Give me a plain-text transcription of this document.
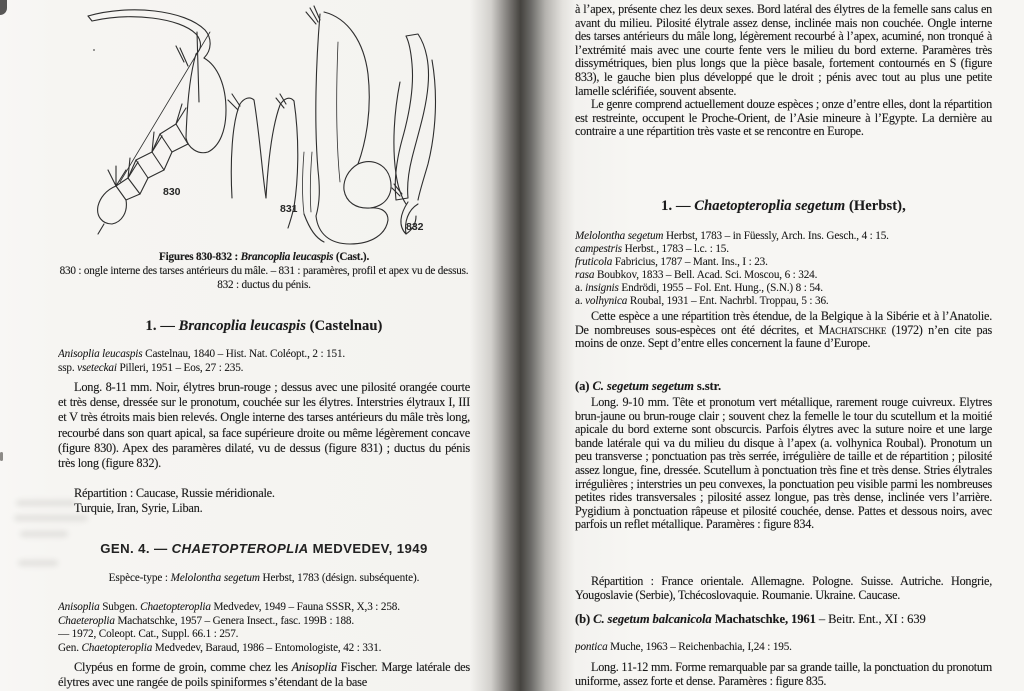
830
831
832
Figures 830-832 : Brancoplia leucaspis (Cast.).
830 : ongle interne des tarses antérieurs du mâle. – 831 : paramères, profil et apex vu de dessus.
832 : ductus du pénis.
1. — Brancoplia leucaspis (Castelnau)
Anisoplia leucaspis Castelnau, 1840 – Hist. Nat. Coléopt., 2 : 151.
ssp. vseteckai Pilleri, 1951 – Eos, 27 : 235.

Long. 8-11 mm. Noir, élytres brun-rouge ; dessus avec une pilosité orangée courte et très dense, dressée sur le pronotum, couchée sur les élytres. Interstries élytraux I, III et V très étroits mais bien relevés. Ongle interne des tarses antérieurs du mâle très long, recourbé dans son quart apical, sa face supérieure droite ou même légèrement concave (figure 830). Apex des paramères dilaté, vu de dessus (figure 831) ; ductus du pénis très long (figure 832).

Répartition : Caucase, Russie méridionale.
Turquie, Iran, Syrie, Liban.
GEN. 4. — CHAETOPTEROPLIA MEDVEDEV, 1949
Espèce-type : Melolontha segetum Herbst, 1783 (désign. subséquente).
Anisoplia Subgen. Chaetopteroplia Medvedev, 1949 – Fauna SSSR, X,3 : 258.
Chaeteroplia Machatschke, 1957 – Genera Insect., fasc. 199B : 188.
— 1972, Coleopt. Cat., Suppl. 66.1 : 257.
Gen. Chaetopteroplia Medvedev, Baraud, 1986 – Entomologiste, 42 : 331.

Clypéus en forme de groin, comme chez les Anisoplia Fischer. Marge latérale des élytres avec une rangée de poils spiniformes s’étendant de la base

à l’apex, présente chez les deux sexes. Bord latéral des élytres de la femelle sans calus en avant du milieu. Pilosité élytrale assez dense, inclinée mais non couchée. Ongle interne des tarses antérieurs du mâle long, légèrement recourbé à l’apex, acuminé, non tronqué à l’extrémité mais avec une courte fente vers le milieu du bord externe. Paramères très dissymétriques, bien plus longs que la pièce basale, fortement contournés en S (figure 833), le gauche bien plus développé que le droit ; pénis avec tout au plus une petite lamelle sclérifiée, souvent absente.

Le genre comprend actuellement douze espèces ; onze d’entre elles, dont la répartition est restreinte, occupent le Proche-Orient, de l’Asie mineure à l’Egypte. La dernière au contraire a une répartition très vaste et se rencontre en Europe.

1. — Chaetopteroplia segetum (Herbst),
Melolontha segetum Herbst, 1783 – in Füessly, Arch. Ins. Gesch., 4 : 15.
campestris Herbst., 1783 – l.c. : 15.
fruticola Fabricius, 1787 – Mant. Ins., I : 23.
rasa Boubkov, 1833 – Bell. Acad. Sci. Moscou, 6 : 324.
a. insignis Endrödi, 1955 – Fol. Ent. Hung., (S.N.) 8 : 54.
a. volhynica Roubal, 1931 – Ent. Nachrbl. Troppau, 5 : 36.

Cette espèce a une répartition très étendue, de la Belgique à la Sibérie et à l’Anatolie. De nombreuses sous-espèces ont été décrites, et Machatschke (1972) n’en cite pas moins de onze. Sept d’entre elles concernent la faune d’Europe.

(a) C. segetum segetum s.str.

Long. 9-10 mm. Tête et pronotum vert métallique, rarement rouge cuivreux. Elytres brun-jaune ou brun-rouge clair ; souvent chez la femelle le tour du scutellum et la moitié apicale du bord externe sont obscurcis. Parfois élytres avec la suture noire et une large bande latérale qui va du milieu du disque à l’apex (a. volhynica Roubal). Pronotum un peu transverse ; ponctuation pas très serrée, irrégulière de taille et de répartition ; pilosité assez longue, fine, dressée. Scutellum à ponctuation très fine et très dense. Stries élytrales irrégulières ; interstries un peu convexes, la ponctuation peu visible parmi les nombreuses petites rides transversales ; pilosité assez longue, pas très dense, inclinée vers l’arrière. Pygidium à ponctuation râpeuse et pilosité couchée, dense. Pattes et dessous noirs, avec parfois un reflet métallique. Paramères : figure 834.

Répartition : France orientale. Allemagne. Pologne. Suisse. Autriche. Hongrie, Yougoslavie (Serbie), Tchécoslovaquie. Roumanie. Ukraine. Caucase.

(b) C. segetum balcanicola Machatschke, 1961 – Beitr. Ent., XI : 639
pontica Muche, 1963 – Reichenbachia, I,24 : 195.

Long. 11-12 mm. Forme remarquable par sa grande taille, la ponctuation du pronotum uniforme, assez forte et dense. Paramères : figure 835.
